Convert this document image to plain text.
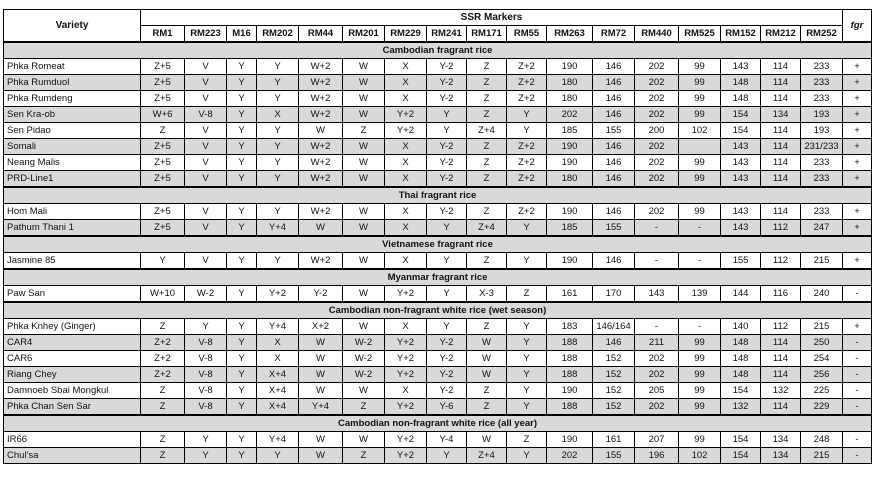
Variety	SSR Markers																	fgr
	RM1	RM223	M16	RM202	RM44	RM201	RM229	RM241	RM171	RM55	RM263	RM72	RM440	RM525	RM152	RM212	RM252	
Cambodian fragrant rice																		
Phka Romeat	Z+5	V	Y	Y	W+2	W	X	Y-2	Z	Z+2	190	146	202	99	143	114	233	+
Phka Rumduol	Z+5	V	Y	Y	W+2	W	X	Y-2	Z	Z+2	180	146	202	99	148	114	233	+
Phka Rumdeng	Z+5	V	Y	Y	W+2	W	X	Y-2	Z	Z+2	180	146	202	99	148	114	233	+
Sen Kra-ob	W+6	V-8	Y	X	W+2	W	Y+2	Y	Z	Y	202	146	202	99	154	134	193	+
Sen Pidao	Z	V	Y	Y	W	Z	Y+2	Y	Z+4	Y	185	155	200	102	154	114	193	+
Somali	Z+5	V	Y	Y	W+2	W	X	Y-2	Z	Z+2	190	146	202		143	114	231/233	+
Neang Malis	Z+5	V	Y	Y	W+2	W	X	Y-2	Z	Z+2	190	146	202	99	143	114	233	+
PRD-Line1	Z+5	V	Y	Y	W+2	W	X	Y-2	Z	Z+2	180	146	202	99	143	114	233	+
Thai fragrant rice																		
Hom Mali	Z+5	V	Y	Y	W+2	W	X	Y-2	Z	Z+2	190	146	202	99	143	114	233	+
Pathum Thani 1	Z+5	V	Y	Y+4	W	W	X	Y	Z+4	Y	185	155	-	-	143	112	247	+
Vietnamese fragrant rice																		
Jasmine 85	Y	V	Y	Y	W+2	W	X	Y	Z	Y	190	146	-	-	155	112	215	+
Myanmar fragrant rice																		
Paw San	W+10	W-2	Y	Y+2	Y-2	W	Y+2	Y	X-3	Z	161	170	143	139	144	116	240	-
Cambodian non-fragrant white rice (wet season)																		
Phka Knhey (Ginger)	Z	Y	Y	Y+4	X+2	W	X	Y	Z	Y	183	146/164	-	-	140	112	215	+
CAR4	Z+2	V-8	Y	X	W	W-2	Y+2	Y-2	W	Y	188	146	211	99	148	114	250	-
CAR6	Z+2	V-8	Y	X	W	W-2	Y+2	Y-2	W	Y	188	152	202	99	148	114	254	-
Riang Chey	Z+2	V-8	Y	X+4	W	W-2	Y+2	Y-2	W	Y	188	152	202	99	148	114	256	-
Damnoeb Sbai Mongkul	Z	V-8	Y	X+4	W	W	X	Y-2	Z	Y	190	152	205	99	154	132	225	-
Phka Chan Sen Sar	Z	V-8	Y	X+4	Y+4	Z	Y+2	Y-6	Z	Y	188	152	202	99	132	114	229	-
Cambodian non-fragrant white rice (all year)																		
IR66	Z	Y	Y	Y+4	W	W	Y+2	Y-4	W	Z	190	161	207	99	154	134	248	-
Chul'sa	Z	Y	Y	Y	W	Z	Y+2	Y	Z+4	Y	202	155	196	102	154	134	215	-
